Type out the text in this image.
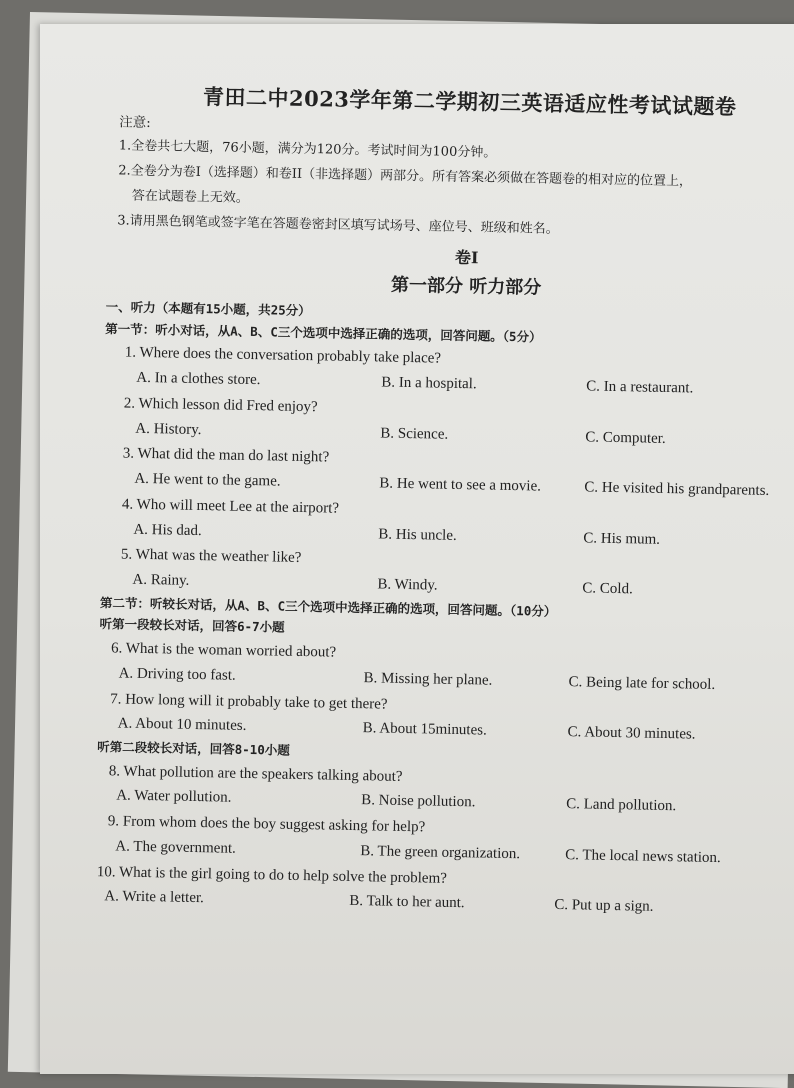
青田二中2023学年第二学期初三英语适应性考试试题卷
注意:
1.全卷共七大题，76小题，满分为120分。考试时间为100分钟。
2.全卷分为卷I（选择题）和卷II（非选择题）两部分。所有答案必须做在答题卷的相对应的位置上，
答在试题卷上无效。
3.请用黑色钢笔或签字笔在答题卷密封区填写试场号、座位号、班级和姓名。
卷I
第一部分 听力部分
一、听力（本题有15小题，共25分）
第一节：听小对话，从A、B、C三个选项中选择正确的选项，回答问题。（5分）
1. Where does the conversation probably take place?
A. In a clothes store.	B. In a hospital.	C. In a restaurant.
2. Which lesson did Fred enjoy?
A. History.	B. Science.	C. Computer.
3. What did the man do last night?
A. He went to the game.	B. He went to see a movie.	C. He visited his grandparents.
4. Who will meet Lee at the airport?
A. His dad.	B. His uncle.	C. His mum.
5. What was the weather like?
A. Rainy.	B. Windy.	C. Cold.
第二节：听较长对话，从A、B、C三个选项中选择正确的选项，回答问题。（10分）
听第一段较长对话，回答6-7小题
6. What is the woman worried about?
A. Driving too fast.	B. Missing her plane.	C. Being late for school.
7. How long will it probably take to get there?
A. About 10 minutes.	B. About 15minutes.	C. About 30 minutes.
听第二段较长对话，回答8-10小题
8. What pollution are the speakers talking about?
A. Water pollution.	B. Noise pollution.	C. Land pollution.
9. From whom does the boy suggest asking for help?
A. The government.	B. The green organization.	C. The local news station.
10. What is the girl going to do to help solve the problem?
A. Write a letter.	B. Talk to her aunt.	C. Put up a sign.
